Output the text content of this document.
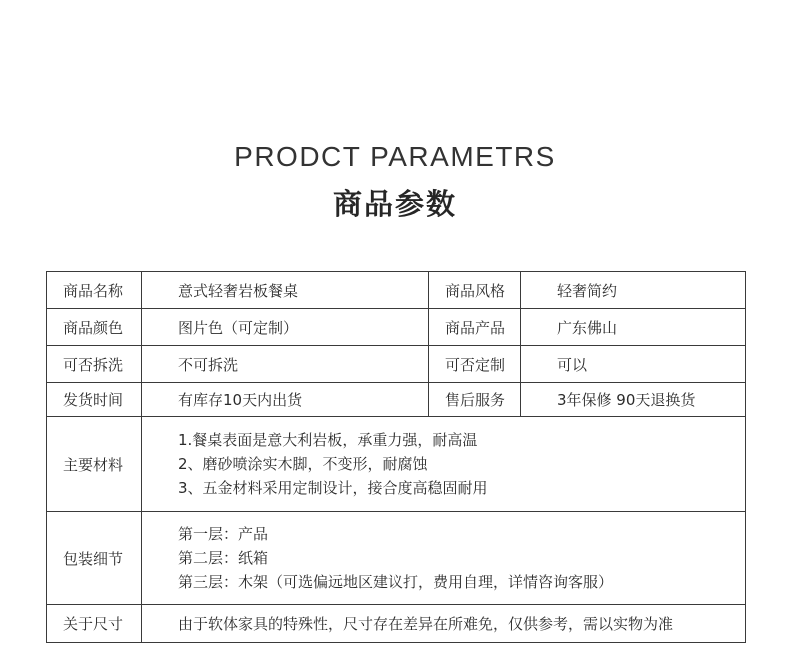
PRODCT PARAMETRS
商品参数
商品名称	意式轻奢岩板餐桌	商品风格	轻奢简约
商品颜色	图片色（可定制）	商品产品	广东佛山
可否拆洗	不可拆洗	可否定制	可以
发货时间	有库存10天内出货	售后服务	3年保修 90天退换货
主要材料	1.餐桌表面是意大利岩板，承重力强，耐高温
2、磨砂喷涂实木脚，不变形，耐腐蚀
3、五金材料采用定制设计，接合度高稳固耐用		

包装细节	第一层：产品
第二层：纸箱
第三层：木架（可选偏远地区建议打，费用自理，详情咨询客服）		

关于尺寸	由于软体家具的特殊性，尺寸存在差异在所难免，仅供参考，需以实物为准		
